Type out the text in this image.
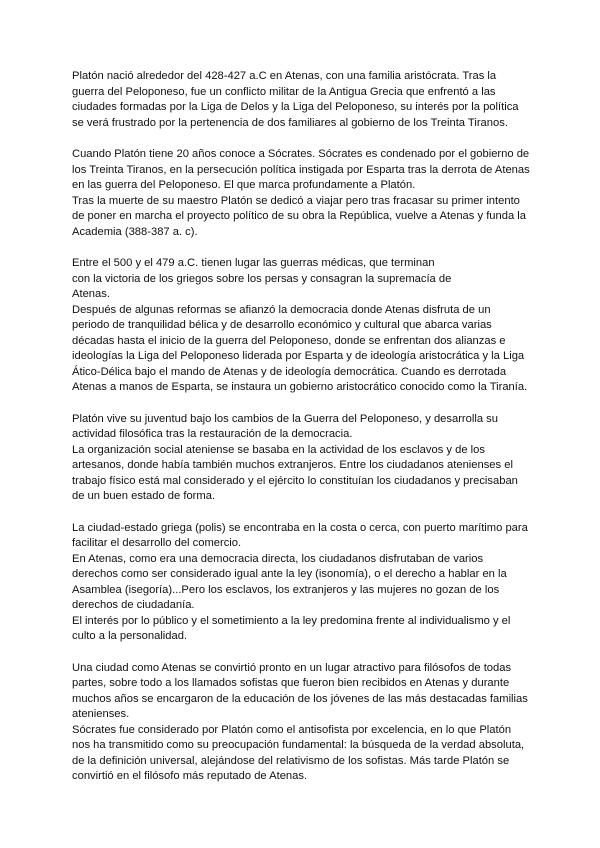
Platón nació alrededor del 428-427 a.C en Atenas, con una familia aristócrata. Tras la
guerra del Peloponeso, fue un conflicto militar de la Antigua Grecia que enfrentó a las
ciudades formadas por la Liga de Delos y la Liga del Peloponeso, su interés por la política
se verá frustrado por la pertenencia de dos familiares al gobierno de los Treinta Tiranos.

Cuando Platón tiene 20 años conoce a Sócrates. Sócrates es condenado por el gobierno de
los Treinta Tiranos, en la persecución política instigada por Esparta tras la derrota de Atenas
en las guerra del Peloponeso. El que marca profundamente a Platón.
Tras la muerte de su maestro Platón se dedicó a viajar pero tras fracasar su primer intento
de poner en marcha el proyecto político de su obra la República, vuelve a Atenas y funda la
Academia (388-387 a. c).

Entre el 500 y el 479 a.C. tienen lugar las guerras médicas, que terminan
con la victoria de los griegos sobre los persas y consagran la supremacía de
Atenas.
Después de algunas reformas se afianzó la democracia donde Atenas disfruta de un
periodo de tranquilidad bélica y de desarrollo económico y cultural que abarca varias
décadas hasta el inicio de la guerra del Peloponeso, donde se enfrentan dos alianzas e
ideologías la Liga del Peloponeso liderada por Esparta y de ideología aristocrática y la Liga
Ático-Délica bajo el mando de Atenas y de ideología democrática. Cuando es derrotada
Atenas a manos de Esparta, se instaura un gobierno aristocrático conocido como la Tiranía.

Platón vive su juventud bajo los cambios de la Guerra del Peloponeso, y desarrolla su
actividad filosófica tras la restauración de la democracia.
La organización social ateniense se basaba en la actividad de los esclavos y de los
artesanos, donde había también muchos extranjeros. Entre los ciudadanos atenienses el
trabajo físico está mal considerado y el ejército lo constituían los ciudadanos y precisaban
de un buen estado de forma.

La ciudad-estado griega (polis) se encontraba en la costa o cerca, con puerto marítimo para
facilitar el desarrollo del comercio.
En Atenas, como era una democracia directa, los ciudadanos disfrutaban de varios
derechos como ser considerado igual ante la ley (isonomía), o el derecho a hablar en la
Asamblea (isegoría)...Pero los esclavos, los extranjeros y las mujeres no gozan de los
derechos de ciudadanía.
El interés por lo público y el sometimiento a la ley predomina frente al individualismo y el
culto a la personalidad.

Una ciudad como Atenas se convirtió pronto en un lugar atractivo para filósofos de todas
partes, sobre todo a los llamados sofistas que fueron bien recibidos en Atenas y durante
muchos años se encargaron de la educación de los jóvenes de las más destacadas familias
atenienses.
Sócrates fue considerado por Platón como el antisofista por excelencia, en lo que Platón
nos ha transmitido como su preocupación fundamental: la búsqueda de la verdad absoluta,
de la definición universal, alejándose del relativismo de los sofistas. Más tarde Platón se
convirtió en el filósofo más reputado de Atenas.
